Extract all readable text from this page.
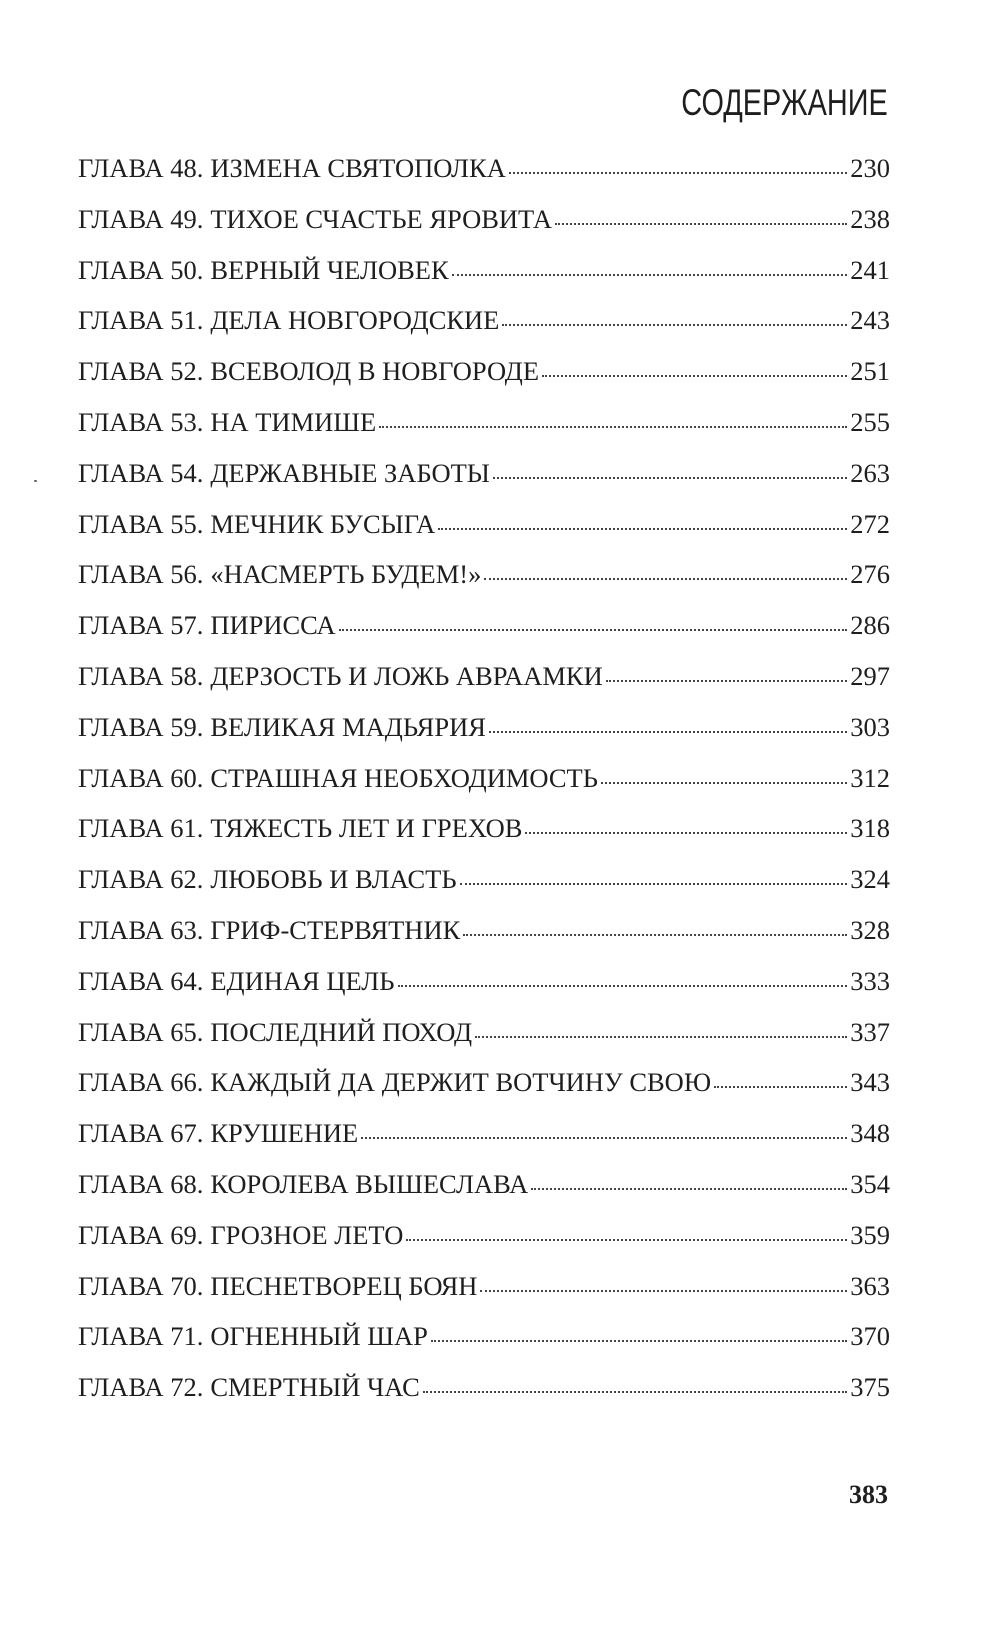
СОДЕРЖАНИЕ
ГЛАВА 48. ИЗМЕНА СВЯТОПОЛКА	230
ГЛАВА 49. ТИХОЕ СЧАСТЬЕ ЯРОВИТА	238
ГЛАВА 50. ВЕРНЫЙ ЧЕЛОВЕК	241
ГЛАВА 51. ДЕЛА НОВГОРОДСКИЕ	243
ГЛАВА 52. ВСЕВОЛОД В НОВГОРОДЕ	251
ГЛАВА 53. НА ТИМИШЕ	255
ГЛАВА 54. ДЕРЖАВНЫЕ ЗАБОТЫ	263
ГЛАВА 55. МЕЧНИК БУСЫГА	272
ГЛАВА 56. «НАСМЕРТЬ БУДЕМ!»	276
ГЛАВА 57. ПИРИССА	286
ГЛАВА 58. ДЕРЗОСТЬ И ЛОЖЬ АВРААМКИ	297
ГЛАВА 59. ВЕЛИКАЯ МАДЬЯРИЯ	303
ГЛАВА 60. СТРАШНАЯ НЕОБХОДИМОСТЬ	312
ГЛАВА 61. ТЯЖЕСТЬ ЛЕТ И ГРЕХОВ	318
ГЛАВА 62. ЛЮБОВЬ И ВЛАСТЬ	324
ГЛАВА 63. ГРИФ-СТЕРВЯТНИК	328
ГЛАВА 64. ЕДИНАЯ ЦЕЛЬ	333
ГЛАВА 65. ПОСЛЕДНИЙ ПОХОД	337
ГЛАВА 66. КАЖДЫЙ ДА ДЕРЖИТ ВОТЧИНУ СВОЮ	343
ГЛАВА 67. КРУШЕНИЕ	348
ГЛАВА 68. КОРОЛЕВА ВЫШЕСЛАВА	354
ГЛАВА 69. ГРОЗНОЕ ЛЕТО	359
ГЛАВА 70. ПЕСНЕТВОРЕЦ БОЯН	363
ГЛАВА 71. ОГНЕННЫЙ ШАР	370
ГЛАВА 72. СМЕРТНЫЙ ЧАС	375
383
